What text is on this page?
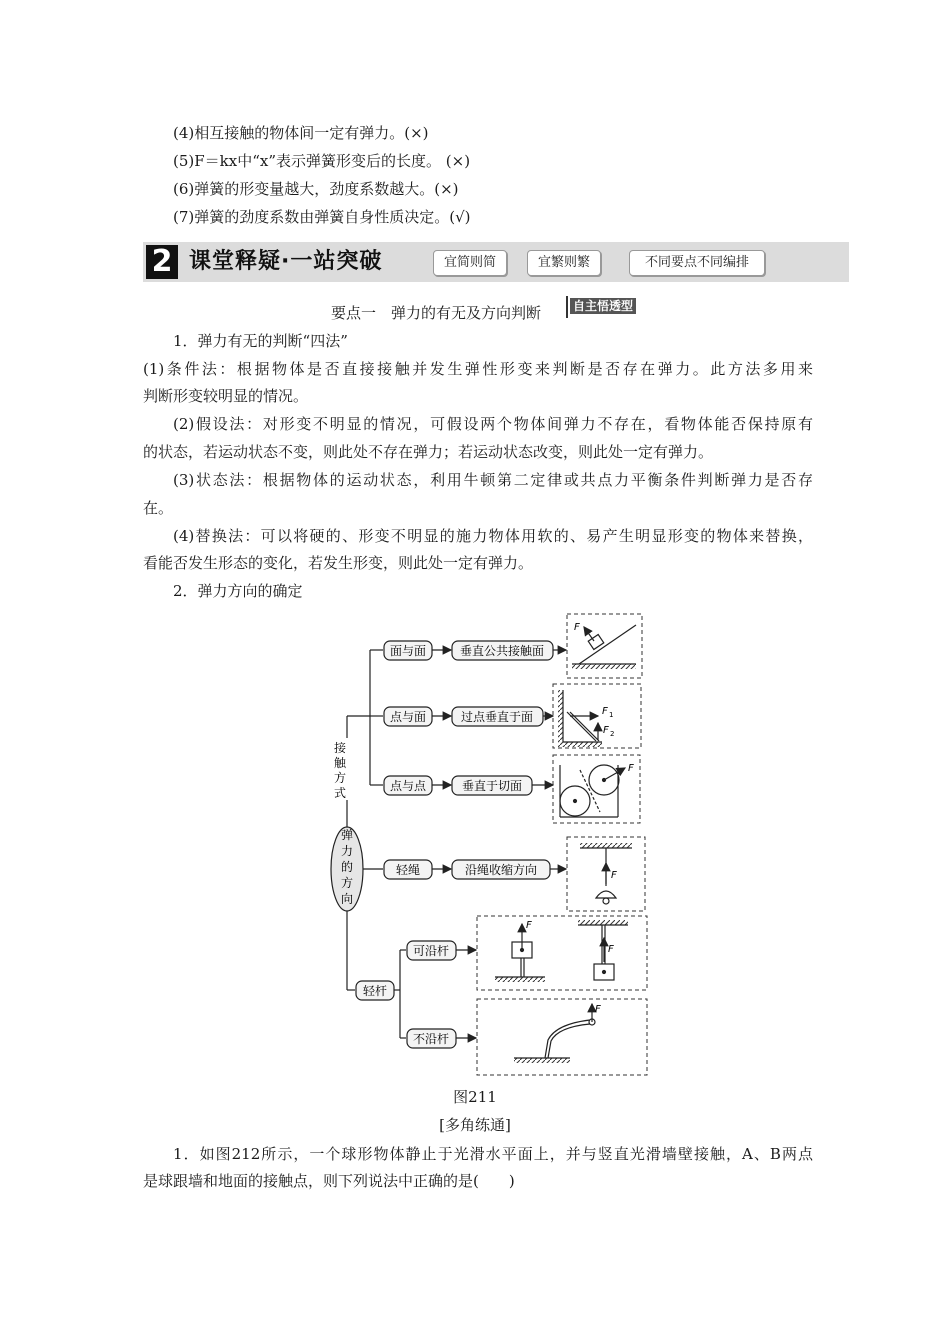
(4)相互接触的物体间一定有弹力。(×)
(5)F＝kx中“x”表示弹簧形变后的长度。 (×)
(6)弹簧的形变量越大，劲度系数越大。(×)
(7)弹簧的劲度系数由弹簧自身性质决定。(√)
2 课堂释疑·一站突破	宜简则简	宜繁则繁	不同要点不同编排
要点一　弹力的有无及方向判断	自主悟透型
1．弹力有无的判断“四法”
(1)条件法：根据物体是否直接接触并发生弹性形变来判断是否存在弹力。此方法多用来
判断形变较明显的情况。
(2)假设法：对形变不明显的情况，可假设两个物体间弹力不存在，看物体能否保持原有
的状态，若运动状态不变，则此处不存在弹力；若运动状态改变，则此处一定有弹力。
(3)状态法：根据物体的运动状态，利用牛顿第二定律或共点力平衡条件判断弹力是否存
在。
(4)替换法：可以将硬的、形变不明显的施力物体用软的、易产生明显形变的物体来替换，
看能否发生形态的变化，若发生形变，则此处一定有弹力。
2．弹力方向的确定
弹
力
的
方
向
接
触
方
式
面与面
点与面
点与点
轻绳
垂直公共接触面
过点垂直于面
垂直于切面
沿绳收缩方向
轻杆
可沿杆
不沿杆
F
F 1
F 2
F
F
F
F
F
图211
[多角练通]
1．如图212所示，一个球形物体静止于光滑水平面上，并与竖直光滑墙壁接触，A、B两点
是球跟墙和地面的接触点，则下列说法中正确的是(　　)
